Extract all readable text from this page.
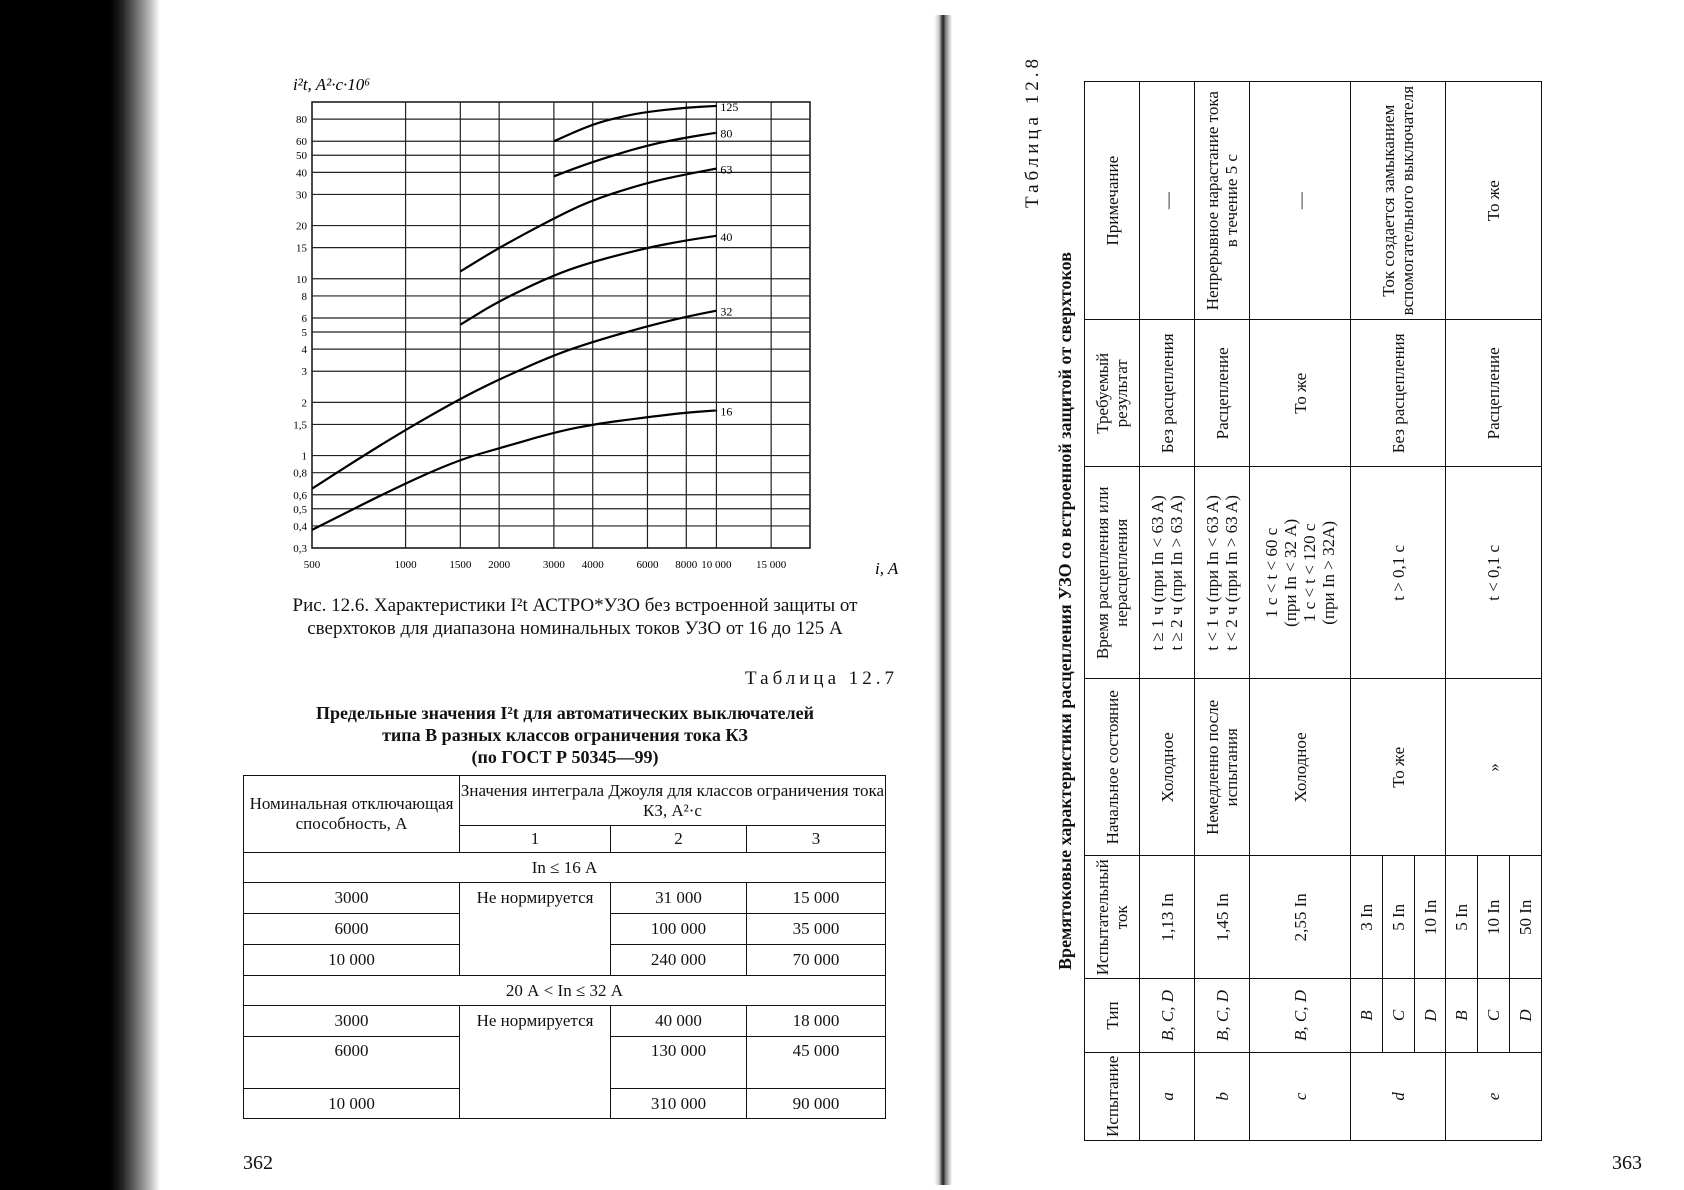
80
60
50
40
30
20
15
10
8
6
5
4
3
2
1,5
1
0,8
0,6
0,5
0,4
0,3
500	1000	1500 2000	3000 4000	6000 8000 10 000 15 000
125
80
63
40
32
16
i²t, A²·c·10⁶
i, A
Рис. 12.6. Характеристики I²t АСТРО*УЗО без встроенной защиты от
сверхтоков для диапазона номинальных токов УЗО от 16 до 125 А
Таблица 12.7
Предельные значения I²t для автоматических выключателей
типа В разных классов ограничения тока КЗ
(по ГОСТ Р 50345—99)
Номинальная отключающая способность, А	Значения интеграла Джоуля для классов ограничения тока КЗ, А²·с		
	1	2	3
In ≤ 16 А			
3000	Не нормируется	31 000	15 000
6000		100 000	35 000
10 000		240 000	70 000
20 А < In ≤ 32 А			
3000	Не нормируется	40 000	18 000
6000		130 000	45 000
10 000		310 000	90 000
362
Таблица 12.8
Времятоковые характеристики расцепления УЗО со встроенной защитой от сверхтоков
Испытание	Тип	Испытательный ток	Начальное состояние	Время расцепления или нерасцепления	Требуемый результат	Примечание
a	B, C, D	1,13 In	Холодное	t ≥ 1 ч (при In < 63 A) t ≥ 2 ч (при In > 63 A)	Без расцепления	—
b	B, C, D	1,45 In	Немедленно после испытания	t < 1 ч (при In < 63 A) t < 2 ч (при In > 63 A)	Расцепление	Непрерывное нарастание тока в течение 5 с
c	B, C, D	2,55 In	Холодное	1 с < t < 60 с (при In < 32 А) 1 с < t < 120 с (при In > 32А)	То же	—
d	B	3 In	То же	t > 0,1 с	Без расцепления	Ток создается замыканием вспомогательного выключателя
	C	5 In				
	D	10 In				
e	B	5 In	»	t < 0,1 с	Расцепление	То же
	C	10 In				
	D	50 In				
363
